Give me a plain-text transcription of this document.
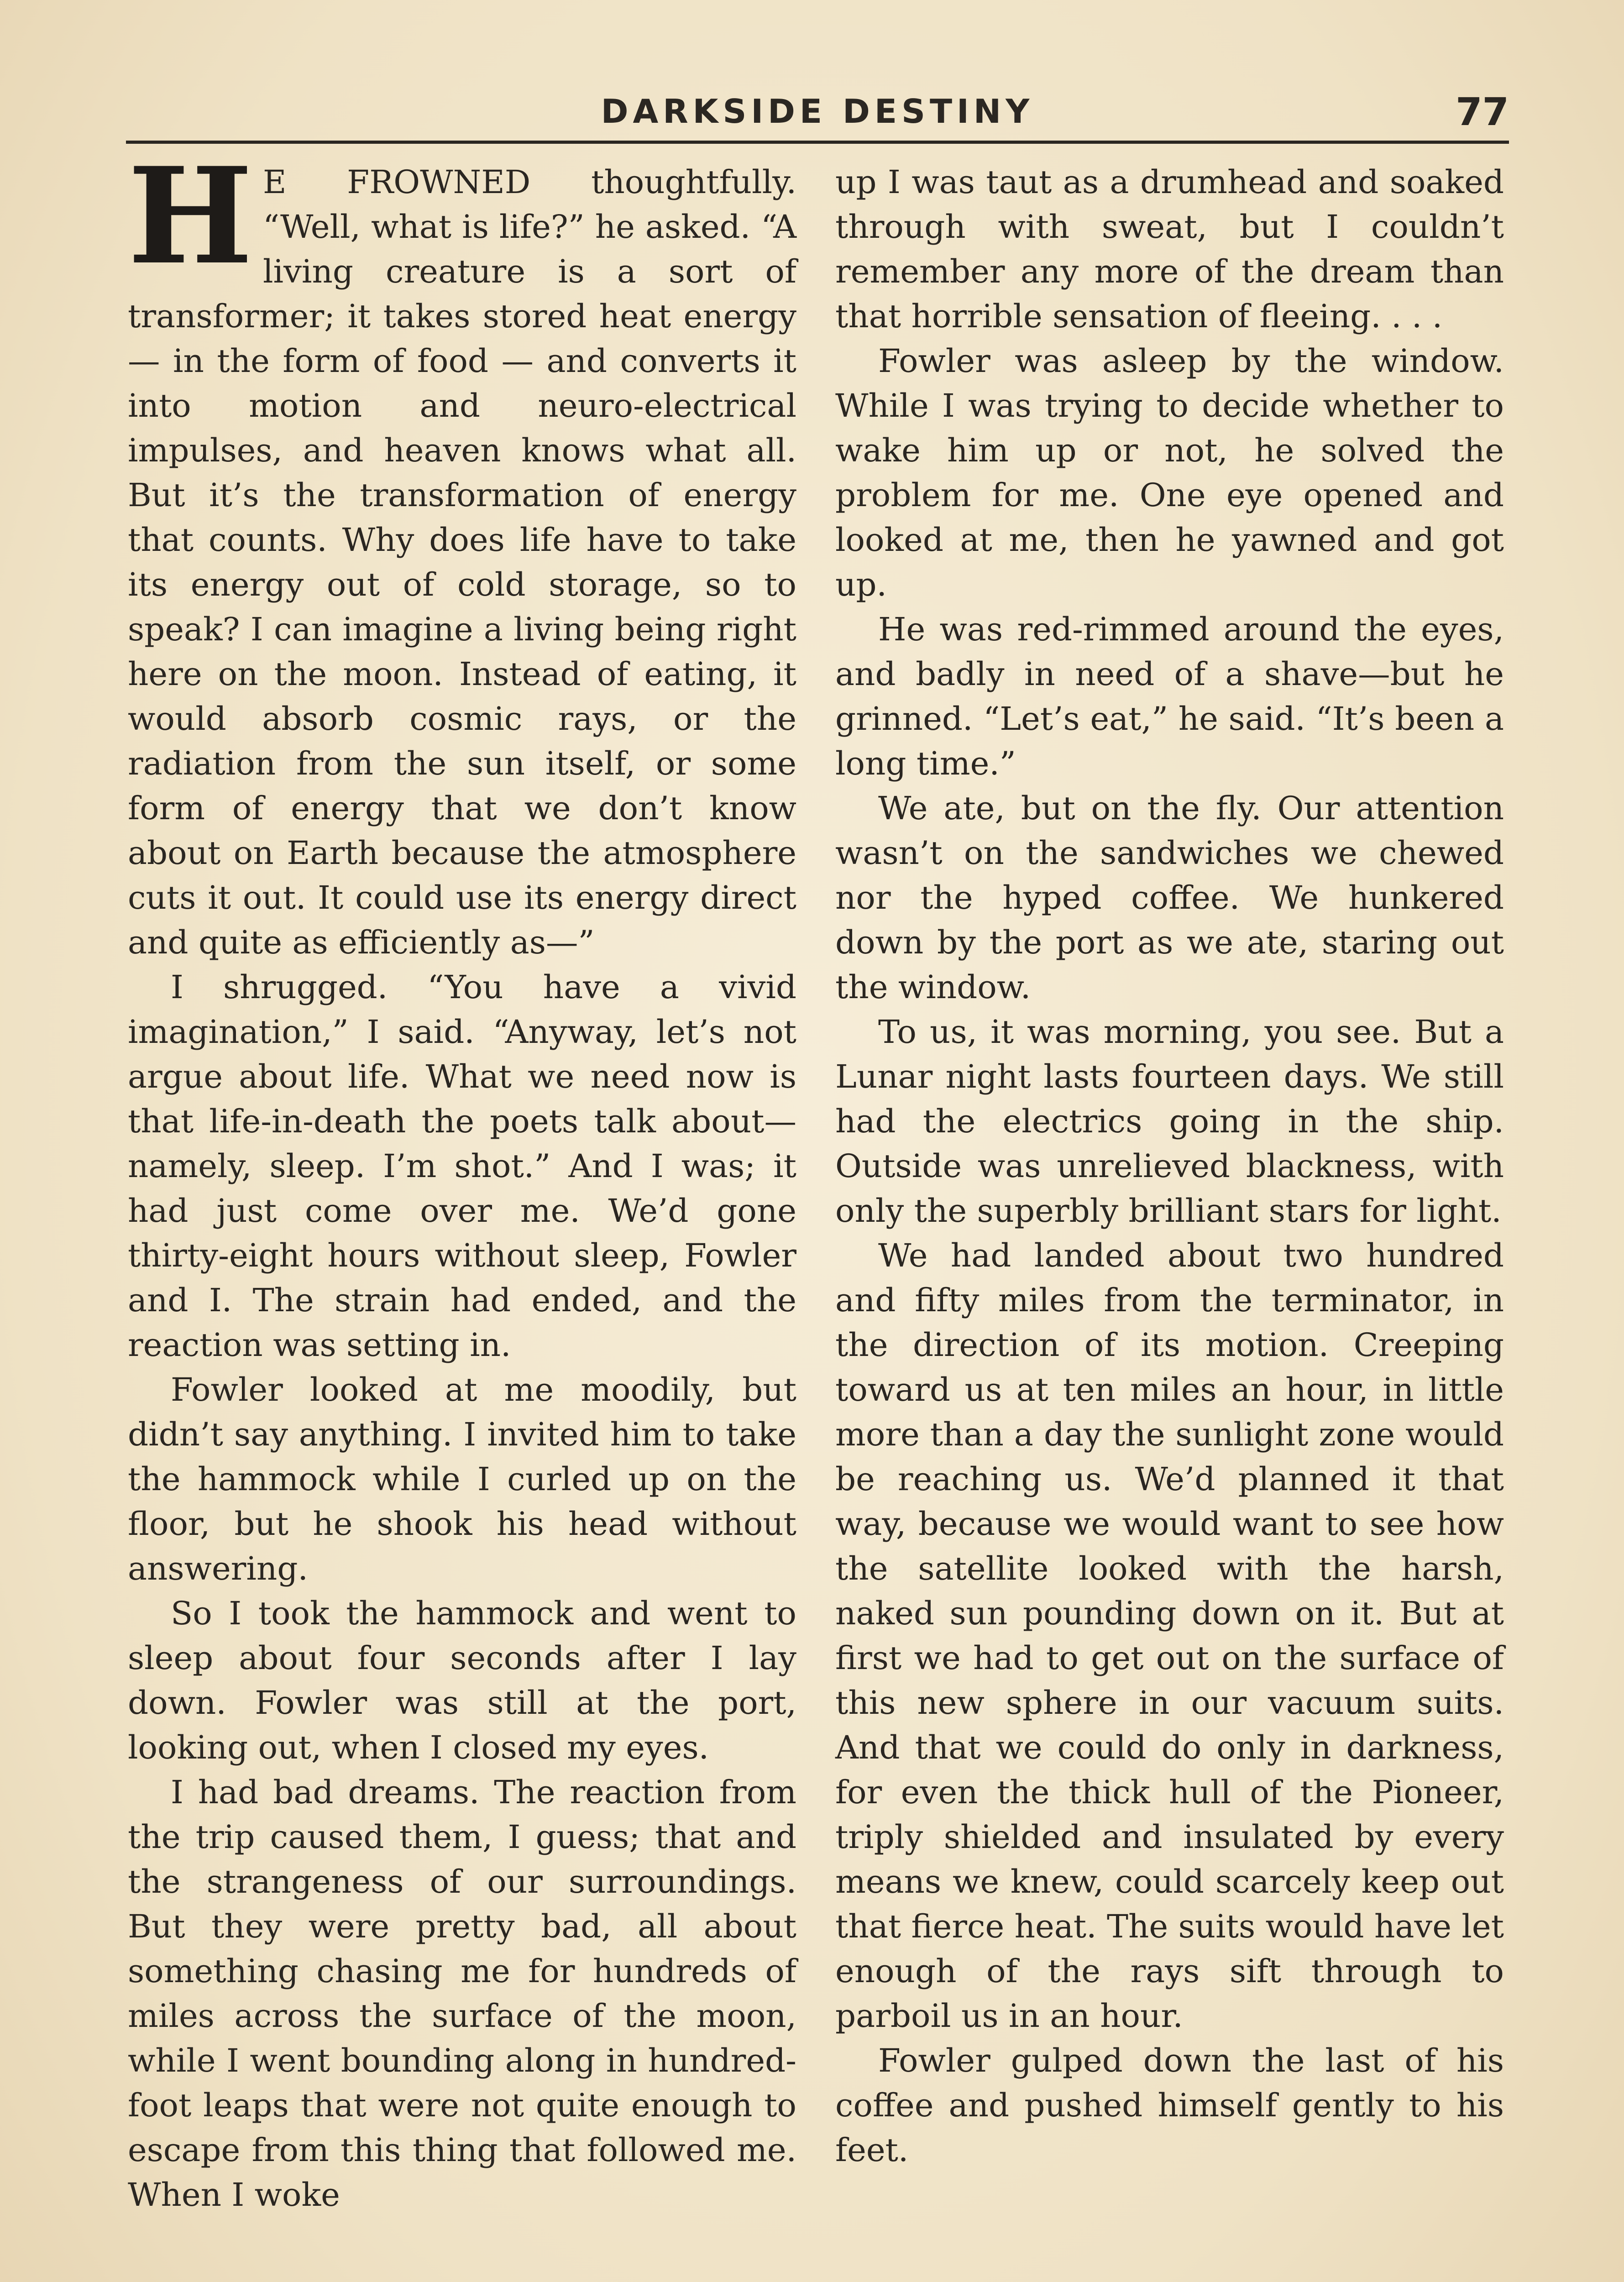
DARKSIDE DESTINY	77

H E FROWNED thoughtfully. “Well, what is life?” he asked. “A living creature is a sort of transformer; it takes stored heat energy — in the form of food — and converts it into motion and neuro-electrical impulses, and heaven knows what all. But it’s the transformation of energy that counts. Why does life have to take its energy out of cold storage, so to speak? I can imagine a living being right here on the moon. Instead of eating, it would absorb cosmic rays, or the radiation from the sun itself, or some form of energy that we don’t know about on Earth because the atmosphere cuts it out. It could use its energy direct and quite as efficiently as—”

I shrugged. “You have a vivid imagination,” I said. “Anyway, let’s not argue about life. What we need now is that life-in-death the poets talk about—namely, sleep. I’m shot.” And I was; it had just come over me. We’d gone thirty-eight hours without sleep, Fowler and I. The strain had ended, and the reaction was setting in.

Fowler looked at me moodily, but didn’t say anything. I invited him to take the hammock while I curled up on the floor, but he shook his head without answering.

So I took the hammock and went to sleep about four seconds after I lay down. Fowler was still at the port, looking out, when I closed my eyes.

I had bad dreams. The reaction from the trip caused them, I guess; that and the strangeness of our surroundings. But they were pretty bad, all about something chasing me for hundreds of miles across the surface of the moon, while I went bounding along in hundred-foot leaps that were not quite enough to escape from this thing that followed me. When I woke

up I was taut as a drumhead and soaked through with sweat, but I couldn’t remember any more of the dream than that horrible sensation of fleeing. . . .

Fowler was asleep by the window. While I was trying to decide whether to wake him up or not, he solved the problem for me. One eye opened and looked at me, then he yawned and got up.

He was red-rimmed around the eyes, and badly in need of a shave—but he grinned. “Let’s eat,” he said. “It’s been a long time.”

We ate, but on the fly. Our attention wasn’t on the sandwiches we chewed nor the hyped coffee. We hunkered down by the port as we ate, staring out the window.

To us, it was morning, you see. But a Lunar night lasts fourteen days. We still had the electrics going in the ship. Outside was unrelieved blackness, with only the superbly brilliant stars for light.

We had landed about two hundred and fifty miles from the terminator, in the direction of its motion. Creeping toward us at ten miles an hour, in little more than a day the sunlight zone would be reaching us. We’d planned it that way, because we would want to see how the satellite looked with the harsh, naked sun pounding down on it. But at first we had to get out on the surface of this new sphere in our vacuum suits. And that we could do only in darkness, for even the thick hull of the Pioneer, triply shielded and insulated by every means we knew, could scarcely keep out that fierce heat. The suits would have let enough of the rays sift through to parboil us in an hour.

Fowler gulped down the last of his coffee and pushed himself gently to his feet.
